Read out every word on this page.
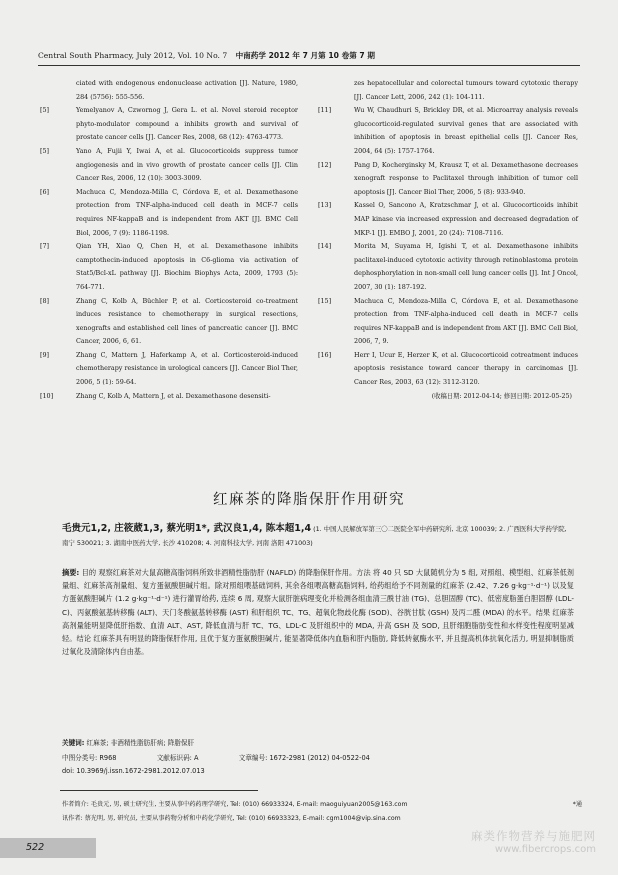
Central South Pharmacy, July 2012, Vol. 10 No. 7 中南药学 2012 年 7 月第 10 卷第 7 期
ciated with endogenous endonuclease activation [J]. Nature, 1980, 284 (5756): 555-556.
[5]	Yemelyanov A, Czwornog J, Gera L. et al. Novel steroid receptor phyto-modulator compound a inhibits growth and survival of prostate cancer cells [J]. Cancer Res, 2008, 68 (12): 4763-4773.
[5]	Yano A, Fujii Y, Iwai A, et al. Glucocorticoids suppress tumor angiogenesis and in vivo growth of prostate cancer cells [J]. Clin Cancer Res, 2006, 12 (10): 3003-3009.
[6]	Machuca C, Mendoza-Milla C, Córdova E, et al. Dexamethasone protection from TNF-alpha-induced cell death in MCF-7 cells requires NF-kappaB and is independent from AKT [J]. BMC Cell Biol, 2006, 7 (9): 1186-1198.
[7]	Qian YH, Xiao Q, Chen H, et al. Dexamethasone inhibits camptothecin-induced apoptosis in C6-glioma via activation of Stat5/Bcl-xL pathway [J]. Biochim Biophys Acta, 2009, 1793 (5): 764-771.
[8]	Zhang C, Kolb A, Büchler P, et al. Corticosteroid co-treatment induces resistance to chemotherapy in surgical resections, xenografts and established cell lines of pancreatic cancer [J]. BMC Cancer, 2006, 6, 61.
[9]	Zhang C, Mattern J, Haferkamp A, et al. Corticosteroid-induced chemotherapy resistance in urological cancers [J]. Cancer Biol Ther, 2006, 5 (1): 59-64.
[10]	Zhang C, Kolb A, Mattern J, et al. Dexamethasone desensiti-
zes hepatocellular and colorectal tumours toward cytotoxic therapy [J]. Cancer Lett, 2006, 242 (1): 104-111.
[11]	Wu W, Chaudhuri S, Brickley DR, et al. Microarray analysis reveals glucocorticoid-regulated survival genes that are associated with inhibition of apoptosis in breast epithelial cells [J]. Cancer Res, 2004, 64 (5): 1757-1764.
[12]	Pang D, Kocherginsky M, Krausz T, et al. Dexamethasone decreases xenograft response to Paclitaxel through inhibition of tumor cell apoptosis [J]. Cancer Biol Ther, 2006, 5 (8): 933-940.
[13]	Kassel O, Sancono A, Kratzschmar J, et al. Glucocorticoids inhibit MAP kinase via increased expression and decreased degradation of MKP-1 [J]. EMBO J, 2001, 20 (24): 7108-7116.
[14]	Morita M, Suyama H, Igishi T, et al. Dexamethasone inhibits paclitaxel-induced cytotoxic activity through retinoblastoma protein dephosphorylation in non-small cell lung cancer cells [J]. Int J Oncol, 2007, 30 (1): 187-192.
[15]	Machuca C, Mendoza-Milla C, Córdova E, et al. Dexamethasone protection from TNF-alpha-induced cell death in MCF-7 cells requires NF-kappaB and is independent from AKT [J]. BMC Cell Biol, 2006, 7, 9.
[16]	Herr I, Ucur E, Herzer K, et al. Glucocorticoid cotreatment induces apoptosis resistance toward cancer therapy in carcinomas [J]. Cancer Res, 2003, 63 (12): 3112-3120.
(收稿日期: 2012-04-14; 修回日期: 2012-05-25)
红麻茶的降脂保肝作用研究
毛贵元1,2, 庄筱葳1,3, 蔡光明1*, 武汉良1,4, 陈本超1,4 (1. 中国人民解放军第三〇二医院全军中药研究所, 北京 100039; 2. 广西医科大学药学院, 南宁 530021; 3. 湖南中医药大学, 长沙 410208; 4. 河南科技大学, 河南 洛阳 471003)
摘要: 目的 观察红麻茶对大鼠高糖高脂饲料所致非酒精性脂肪肝 (NAFLD) 的降脂保肝作用。方法 将 40 只 SD 大鼠随机分为 5 组, 对照组、模型组、红麻茶低剂量组、红麻茶高剂量组、复方蛋氨酸胆碱片组。除对照组喂基础饲料, 其余各组喂高糖高脂饲料, 给药组给予不同剂量的红麻茶 (2.42、7.26 g·kg⁻¹·d⁻¹) 以及复方蛋氨酸胆碱片 (1.2 g·kg⁻¹·d⁻¹) 进行灌胃给药, 连续 6 周, 观察大鼠肝脏病理变化并检测各组血清三酰甘油 (TG)、总胆固醇 (TC)、低密度脂蛋白胆固醇 (LDL-C)、丙氨酸氨基转移酶 (ALT)、天门冬酸氨基转移酶 (AST) 和肝组织 TC、TG、超氧化物歧化酶 (SOD)、谷胱甘肽 (GSH) 及丙二醛 (MDA) 的水平。结果 红麻茶高剂量能明显降低肝指数、血清 ALT、AST, 降低血清与肝 TC、TG、LDL-C 及肝组织中的 MDA, 升高 GSH 及 SOD, 且肝细胞脂肪变性和水样变性程度明显减轻。结论 红麻茶具有明显的降脂保肝作用, 且优于复方蛋氨酸胆碱片, 能显著降低体内血脂和肝内脂肪, 降低转氨酶水平, 并且提高机体抗氧化活力, 明显抑制脂质过氧化及清除体内自由基。
关键词: 红麻茶; 非酒精性脂肪肝病; 降脂保肝
中图分类号: R968	文献标识码: A	文章编号: 1672-2981 (2012) 04-0522-04
doi: 10.3969/j.issn.1672-2981.2012.07.013
作者简介: 毛贵元, 男, 硕士研究生, 主要从事中药药理学研究, Tel: (010) 66933324, E-mail: maoguiyuan2005@163.com	*通
讯作者: 蔡光明, 男, 研究员, 主要从事药物分析和中药化学研究, Tel: (010) 66933323, E-mail: cgm1004@vip.sina.com
522
麻类作物营养与施肥网
www.fibercrops.com
